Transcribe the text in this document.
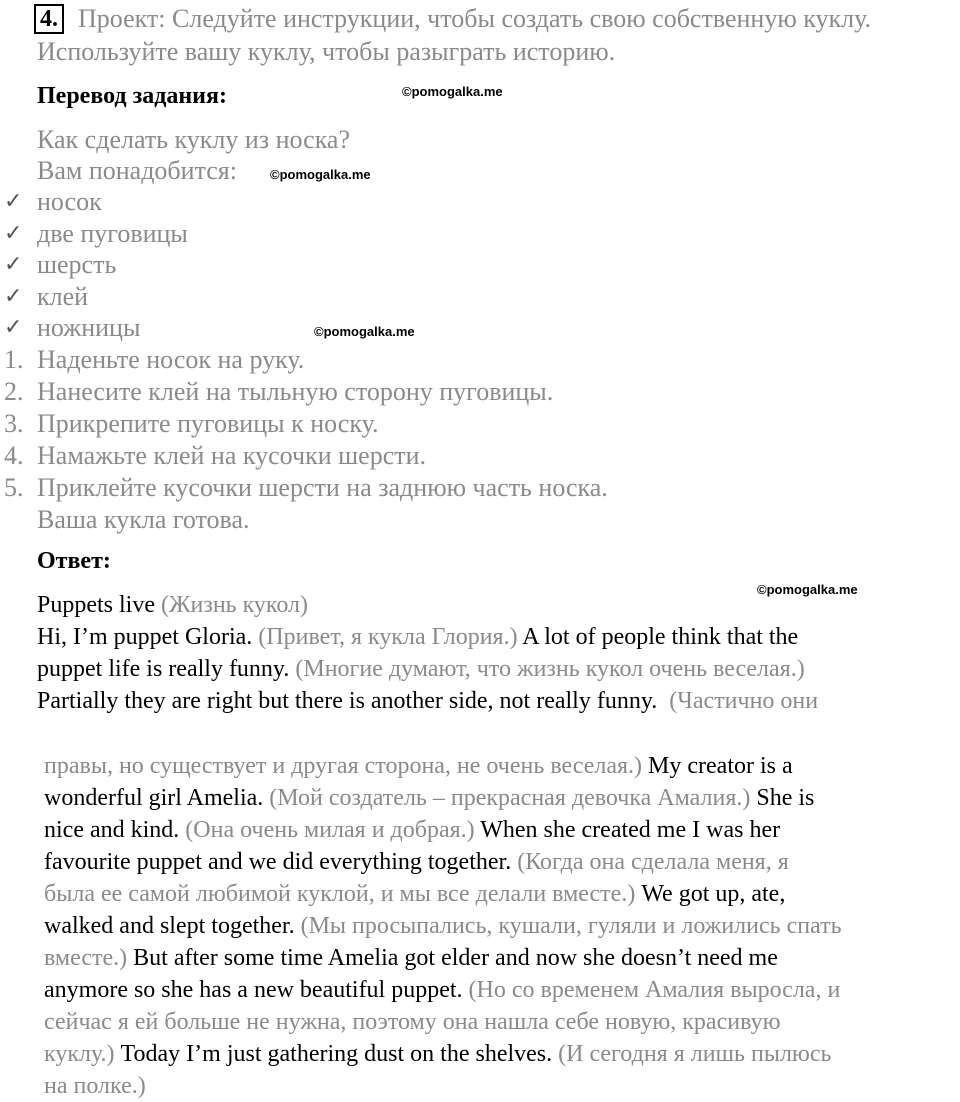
4. Проект: Следуйте инструкции, чтобы создать свою собственную куклу.
Используйте вашу куклу, чтобы разыграть историю.
Перевод задания:	©pomogalka.me
Как сделать куклу из носка?
Вам понадобится:	©pomogalka.me
✓ носок
✓ две пуговицы
✓ шерсть
✓ клей
✓ ножницы	©pomogalka.me
1. Наденьте носок на руку.
2. Нанесите клей на тыльную сторону пуговицы.
3. Прикрепите пуговицы к носку.
4. Намажьте клей на кусочки шерсти.
5. Приклейте кусочки шерсти на заднюю часть носка.
Ваша кукла готова.
Ответ:
©pomogalka.me
Puppets live (Жизнь кукол)
Hi, I’m puppet Gloria. (Привет, я кукла Глория.) A lot of people think that the
puppet life is really funny. (Многие думают, что жизнь кукол очень веселая.)
Partially they are right but there is another side, not really funny.  (Частично они
правы, но существует и другая сторона, не очень веселая.) My creator is a
wonderful girl Amelia. (Мой создатель – прекрасная девочка Амалия.) She is
nice and kind. (Она очень милая и добрая.) When she created me I was her
favourite puppet and we did everything together. (Когда она сделала меня, я
была ее самой любимой куклой, и мы все делали вместе.) We got up, ate,
walked and slept together. (Мы просыпались, кушали, гуляли и ложились спать
вместе.) But after some time Amelia got elder and now she doesn’t need me
anymore so she has a new beautiful puppet. (Но со временем Амалия выросла, и
сейчас я ей больше не нужна, поэтому она нашла себе новую, красивую
куклу.) Today I’m just gathering dust on the shelves. (И сегодня я лишь пылюсь
на полке.)
